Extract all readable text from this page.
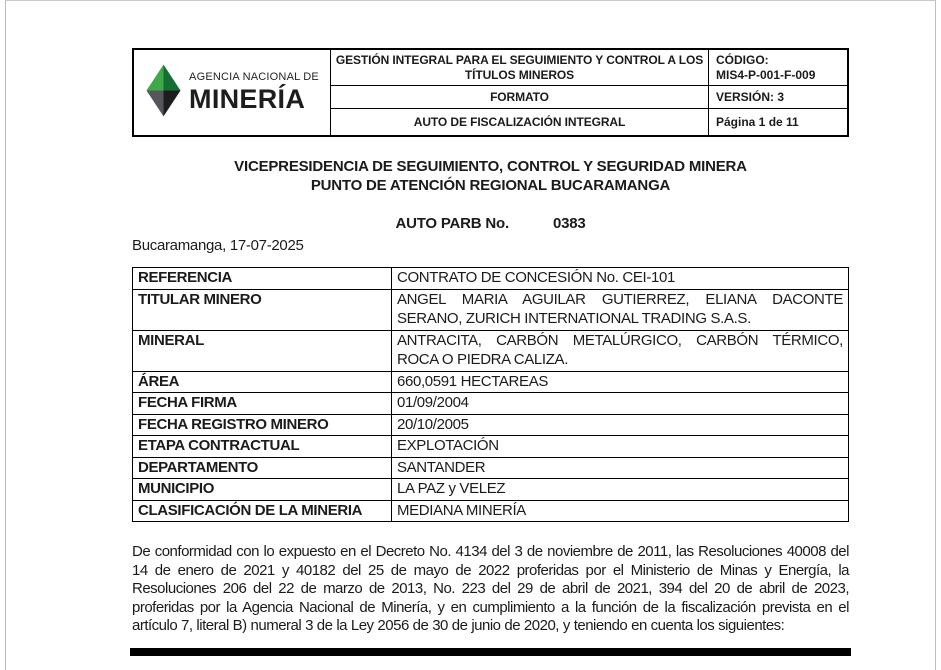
AGENCIA NACIONAL DE
MINERÍA
GESTIÓN INTEGRAL PARA EL SEGUIMIENTO Y CONTROL A LOS TÍTULOS MINEROS
CÓDIGO:
MIS4-P-001-F-009
FORMATO	VERSIÓN: 3
AUTO DE FISCALIZACIÓN INTEGRAL	Página 1 de 11
VICEPRESIDENCIA DE SEGUIMIENTO, CONTROL Y SEGURIDAD MINERA
PUNTO DE ATENCIÓN REGIONAL BUCARAMANGA
AUTO PARB No.	0383
Bucaramanga, 17-07-2025
REFERENCIA	CONTRATO DE CONCESIÓN No. CEI-101
TITULAR MINERO	ANGEL MARIA AGUILAR GUTIERREZ, ELIANA DACONTE SERANO, ZURICH INTERNATIONAL TRADING S.A.S.
MINERAL	ANTRACITA, CARBÓN METALÚRGICO, CARBÓN TÉRMICO, ROCA O PIEDRA CALIZA.
ÁREA	660,0591 HECTAREAS
FECHA FIRMA	01/09/2004
FECHA REGISTRO MINERO	20/10/2005
ETAPA CONTRACTUAL	EXPLOTACIÓN
DEPARTAMENTO	SANTANDER
MUNICIPIO	LA PAZ y VELEZ
CLASIFICACIÓN DE LA MINERIA	MEDIANA MINERÍA
De conformidad con lo expuesto en el Decreto No. 4134 del 3 de noviembre de 2011, las Resoluciones 40008 del 14 de enero de 2021 y 40182 del 25 de mayo de 2022 proferidas por el Ministerio de Minas y Energía, la Resoluciones 206 del 22 de marzo de 2013, No. 223 del 29 de abril de 2021, 394 del 20 de abril de 2023, proferidas por la Agencia Nacional de Minería, y en cumplimiento a la función de la fiscalización prevista en el artículo 7, literal B) numeral 3 de la Ley 2056 de 30 de junio de 2020, y teniendo en cuenta los siguientes:
